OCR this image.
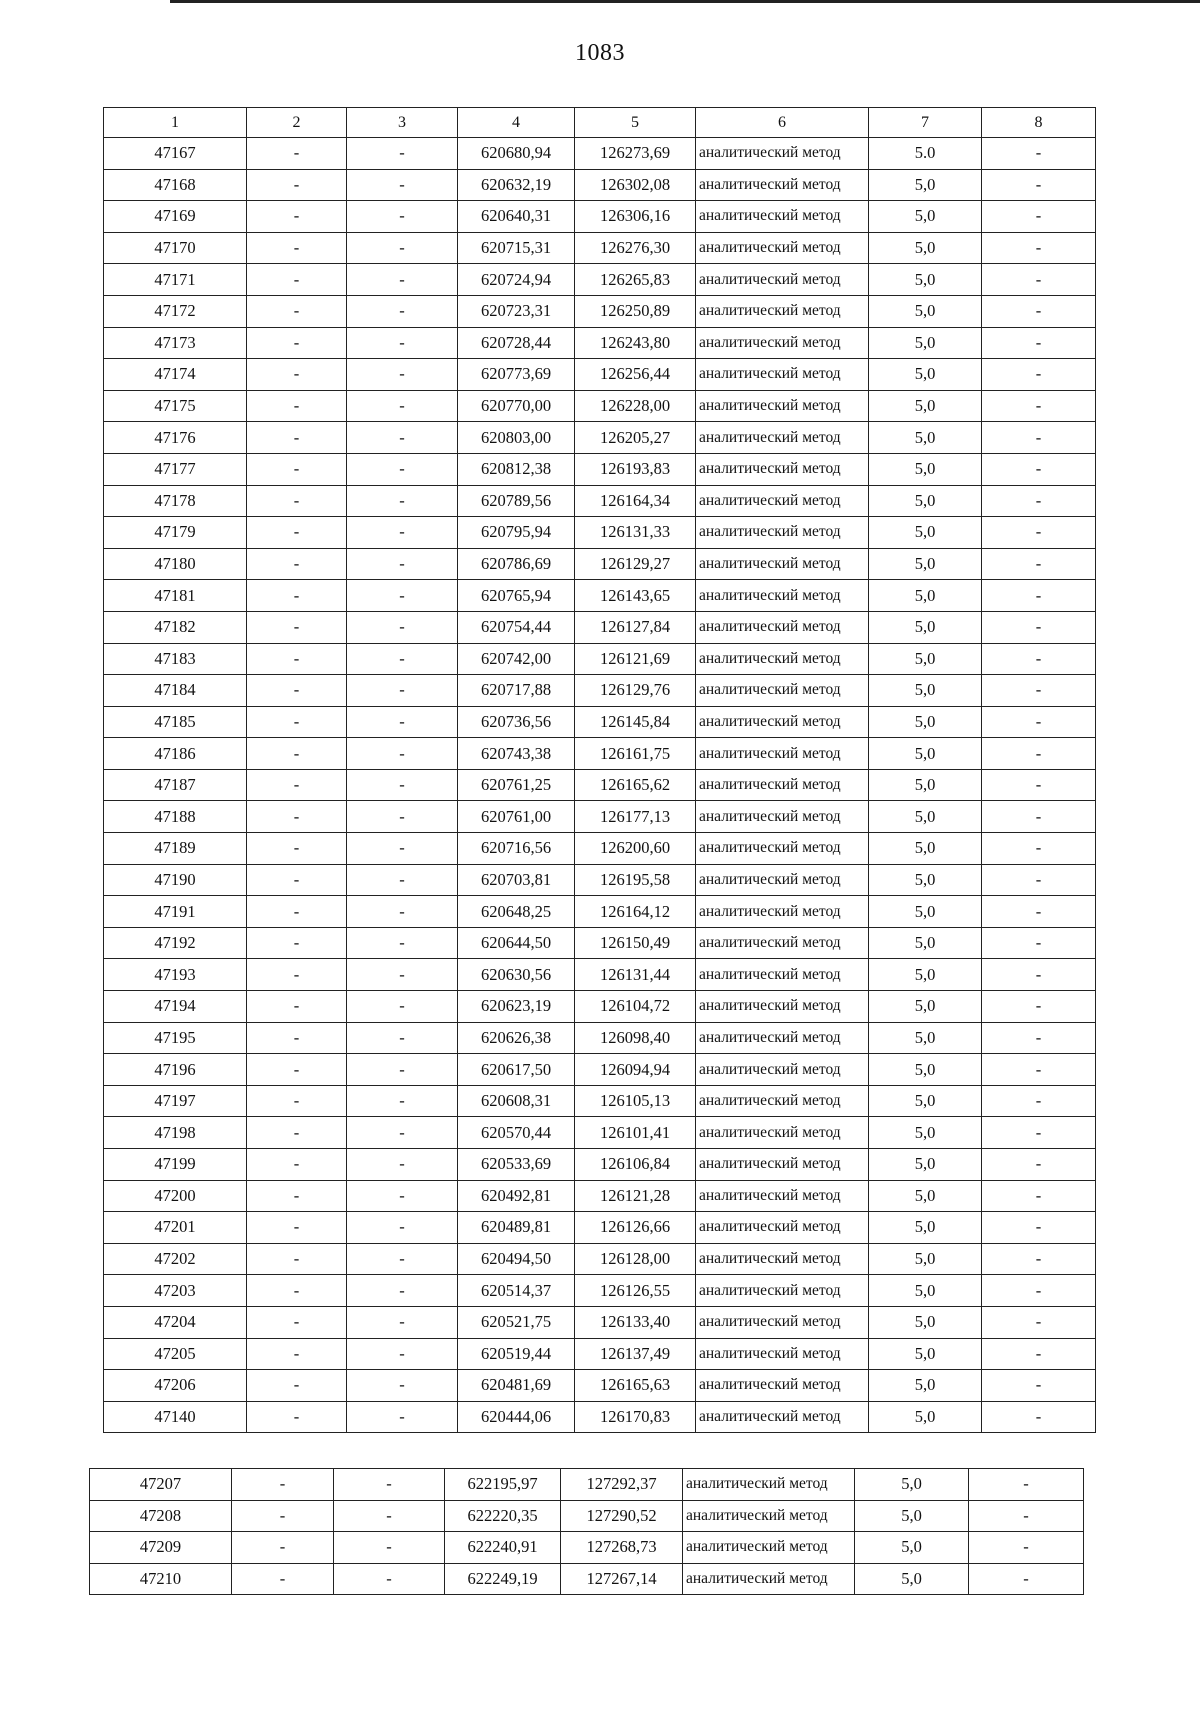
1083
1	2	3	4	5	6	7	8
47167	-	-	620680,94	126273,69	аналитический метод	5.0	-
47168	-	-	620632,19	126302,08	аналитический метод	5,0	-
47169	-	-	620640,31	126306,16	аналитический метод	5,0	-
47170	-	-	620715,31	126276,30	аналитический метод	5,0	-
47171	-	-	620724,94	126265,83	аналитический метод	5,0	-
47172	-	-	620723,31	126250,89	аналитический метод	5,0	-
47173	-	-	620728,44	126243,80	аналитический метод	5,0	-
47174	-	-	620773,69	126256,44	аналитический метод	5,0	-
47175	-	-	620770,00	126228,00	аналитический метод	5,0	-
47176	-	-	620803,00	126205,27	аналитический метод	5,0	-
47177	-	-	620812,38	126193,83	аналитический метод	5,0	-
47178	-	-	620789,56	126164,34	аналитический метод	5,0	-
47179	-	-	620795,94	126131,33	аналитический метод	5,0	-
47180	-	-	620786,69	126129,27	аналитический метод	5,0	-
47181	-	-	620765,94	126143,65	аналитический метод	5,0	-
47182	-	-	620754,44	126127,84	аналитический метод	5,0	-
47183	-	-	620742,00	126121,69	аналитический метод	5,0	-
47184	-	-	620717,88	126129,76	аналитический метод	5,0	-
47185	-	-	620736,56	126145,84	аналитический метод	5,0	-
47186	-	-	620743,38	126161,75	аналитический метод	5,0	-
47187	-	-	620761,25	126165,62	аналитический метод	5,0	-
47188	-	-	620761,00	126177,13	аналитический метод	5,0	-
47189	-	-	620716,56	126200,60	аналитический метод	5,0	-
47190	-	-	620703,81	126195,58	аналитический метод	5,0	-
47191	-	-	620648,25	126164,12	аналитический метод	5,0	-
47192	-	-	620644,50	126150,49	аналитический метод	5,0	-
47193	-	-	620630,56	126131,44	аналитический метод	5,0	-
47194	-	-	620623,19	126104,72	аналитический метод	5,0	-
47195	-	-	620626,38	126098,40	аналитический метод	5,0	-
47196	-	-	620617,50	126094,94	аналитический метод	5,0	-
47197	-	-	620608,31	126105,13	аналитический метод	5,0	-
47198	-	-	620570,44	126101,41	аналитический метод	5,0	-
47199	-	-	620533,69	126106,84	аналитический метод	5,0	-
47200	-	-	620492,81	126121,28	аналитический метод	5,0	-
47201	-	-	620489,81	126126,66	аналитический метод	5,0	-
47202	-	-	620494,50	126128,00	аналитический метод	5,0	-
47203	-	-	620514,37	126126,55	аналитический метод	5,0	-
47204	-	-	620521,75	126133,40	аналитический метод	5,0	-
47205	-	-	620519,44	126137,49	аналитический метод	5,0	-
47206	-	-	620481,69	126165,63	аналитический метод	5,0	-
47140	-	-	620444,06	126170,83	аналитический метод	5,0	-
47207	-	-	622195,97	127292,37	аналитический метод	5,0	-
47208	-	-	622220,35	127290,52	аналитический метод	5,0	-
47209	-	-	622240,91	127268,73	аналитический метод	5,0	-
47210	-	-	622249,19	127267,14	аналитический метод	5,0	-
